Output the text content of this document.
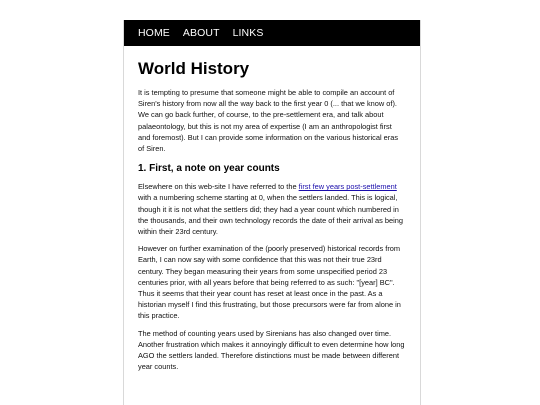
HOME ABOUT LINKS
World History

It is tempting to presume that someone might be able to compile an account of Siren's history from now all the way back to the first year 0 (... that we know of). We can go back further, of course, to the pre-settlement era, and talk about palaeontology, but this is not my area of expertise (I am an anthropologist first and foremost). But I can provide some information on the various historical eras of Siren.

1. First, a note on year counts

Elsewhere on this web-site I have referred to the first few years post-settlement with a numbering scheme starting at 0, when the settlers landed. This is logical, though it it is not what the settlers did; they had a year count which numbered in the thousands, and their own technology records the date of their arrival as being within their 23rd century.

However on further examination of the (poorly preserved) historical records from Earth, I can now say with some confidence that this was not their true 23rd century. They began measuring their years from some unspecified period 23 centuries prior, with all years before that being referred to as such: "[year] BC". Thus it seems that their year count has reset at least once in the past. As a historian myself I find this frustrating, but those precursors were far from alone in this practice.

The method of counting years used by Sirenians has also changed over time. Another frustration which makes it annoyingly difficult to even determine how long AGO the settlers landed. Therefore distinctions must be made between different year counts.
